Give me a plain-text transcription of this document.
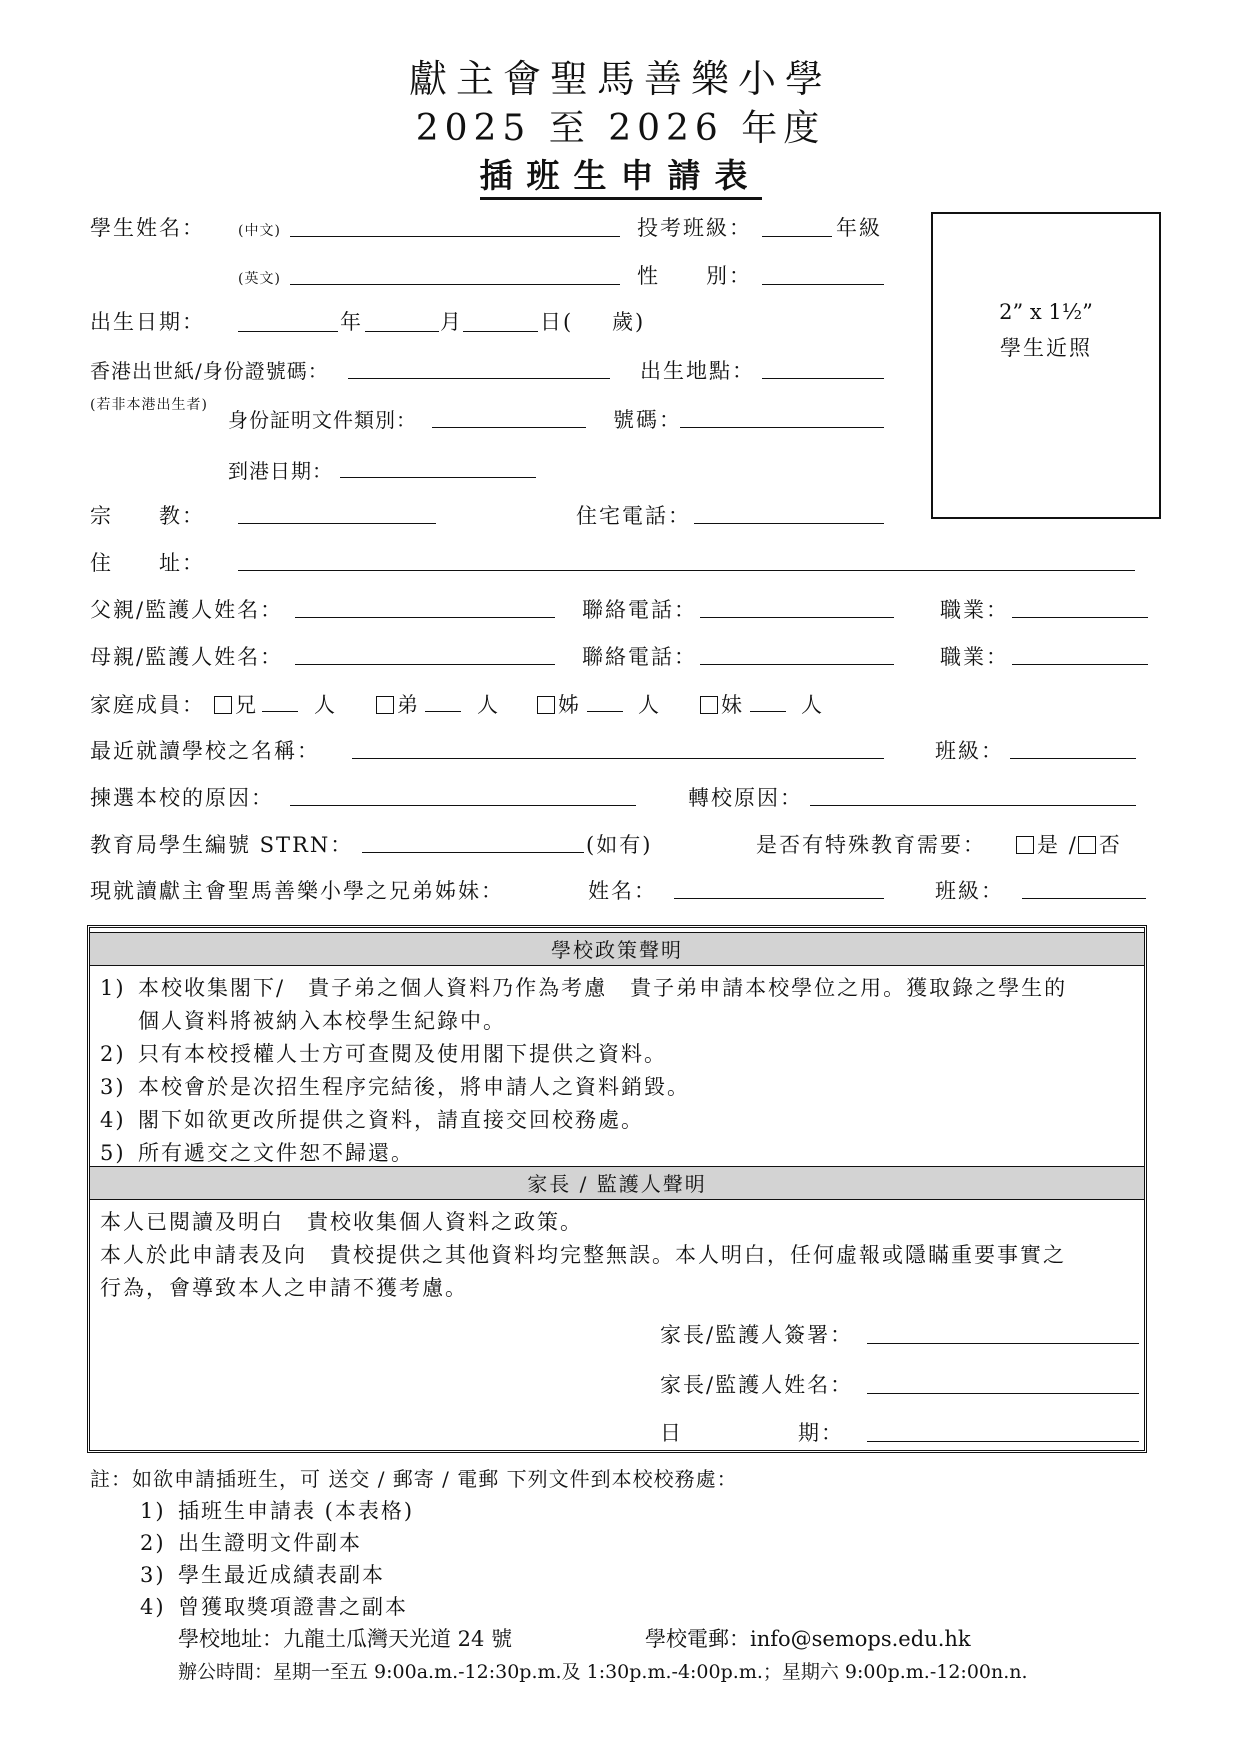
獻主會聖馬善樂小學
2025 至 2026 年度
插班生申請表
2” x 1½”
學生近照
學生姓名： (中文)	投考班級：	年級
(英文)	性　　別：
出生日期：	年	月	日( 歲)
香港出世紙/身份證號碼：	出生地點：
(若非本港出生者)
身份証明文件類別：	號碼：
到港日期：
宗　　教：	住宅電話：
住　　址：
父親/監護人姓名：	聯絡電話：	職業：
母親/監護人姓名：	聯絡電話：	職業：
家庭成員：	兄	人	弟	人	姊	人	妹	人
最近就讀學校之名稱：	班級：
揀選本校的原因：	轉校原因：
教育局學生編號 STRN：	(如有)	是否有特殊教育需要：	是 / 否
現就讀獻主會聖馬善樂小學之兄弟姊妹：	姓名：	班級：
學校政策聲明
1) 本校收集閣下/　貴子弟之個人資料乃作為考慮　貴子弟申請本校學位之用。獲取錄之學生的
個人資料將被納入本校學生紀錄中。
2) 只有本校授權人士方可查閱及使用閣下提供之資料。
3) 本校會於是次招生程序完結後，將申請人之資料銷毀。
4) 閣下如欲更改所提供之資料，請直接交回校務處。
5) 所有遞交之文件恕不歸還。
家長 / 監護人聲明
本人已閱讀及明白　貴校收集個人資料之政策。
本人於此申請表及向　貴校提供之其他資料均完整無誤。本人明白，任何虛報或隱瞞重要事實之
行為，會導致本人之申請不獲考慮。
家長/監護人簽署：
家長/監護人姓名：
日　　　　　期：
註：如欲申請插班生，可 送交 / 郵寄 / 電郵 下列文件到本校校務處：
1) 插班生申請表 (本表格)
2) 出生證明文件副本
3) 學生最近成績表副本
4) 曾獲取獎項證書之副本
學校地址：九龍土瓜灣天光道 24 號	學校電郵：info@semops.edu.hk
辦公時間：星期一至五 9:00a.m.-12:30p.m.及 1:30p.m.-4:00p.m.；星期六 9:00p.m.-12:00n.n.
